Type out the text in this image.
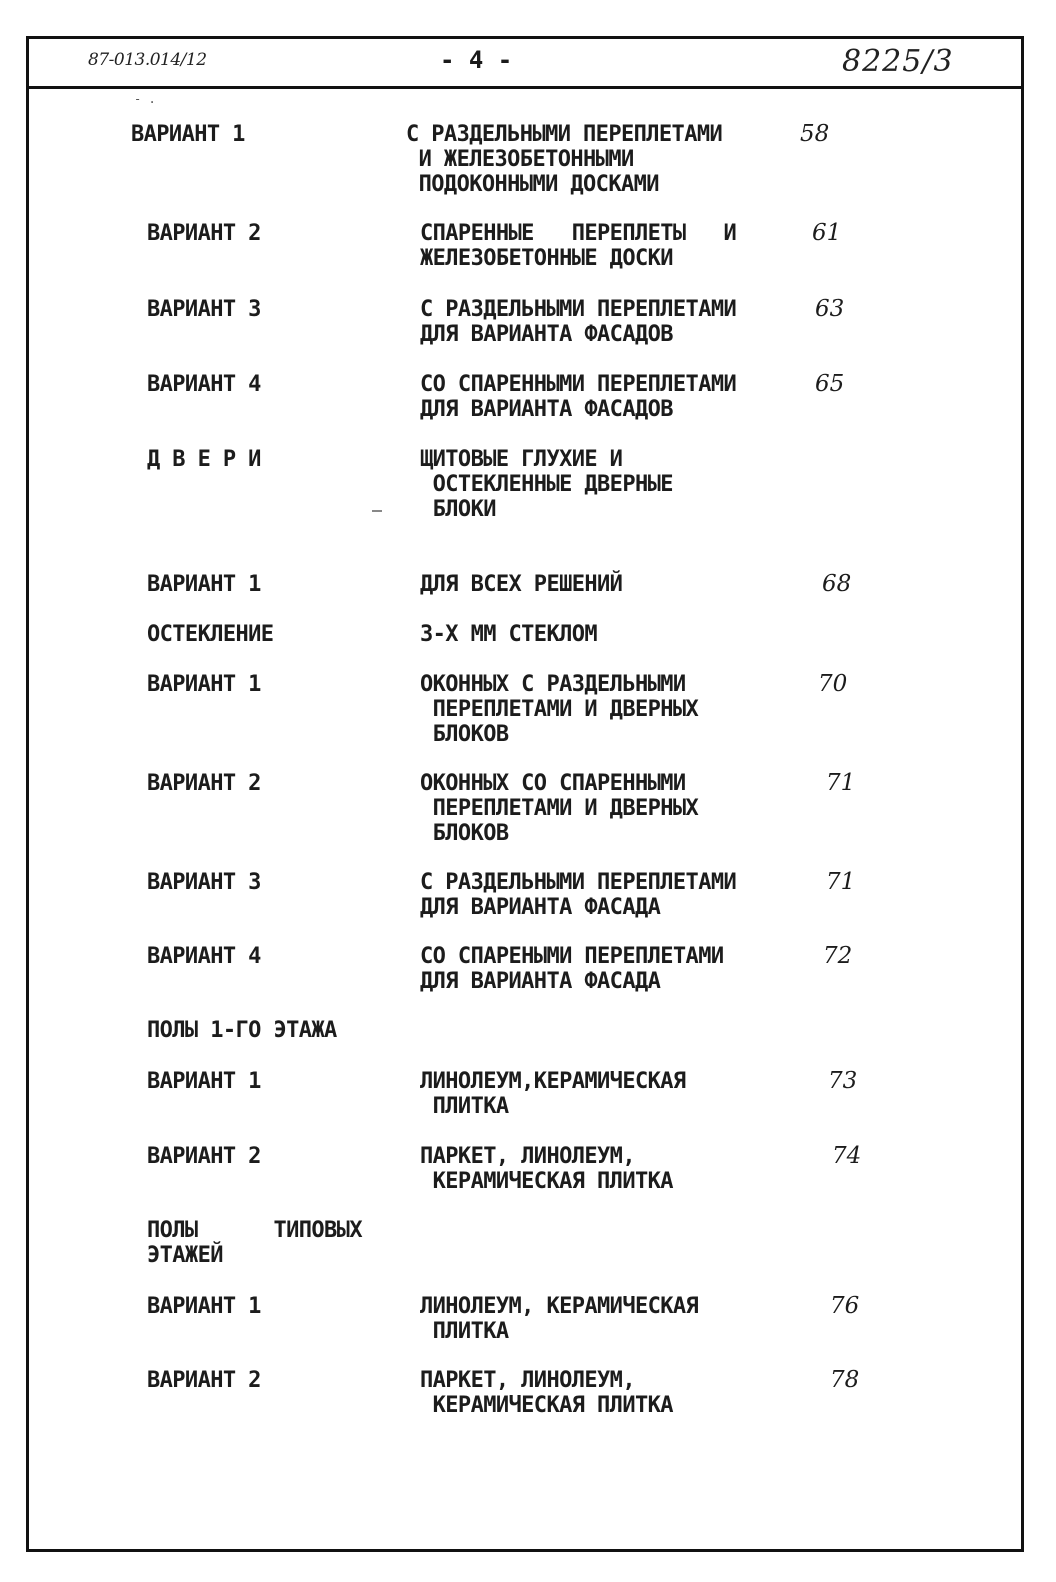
87-013.014/12	- 4 -	8225/3
- .
ВАРИАНТ 1	С РАЗДЕЛЬНЫМИ ПЕРЕПЛЕТАМИ
И ЖЕЛЕЗОБЕТОННЫМИ
ПОДОКОННЫМИ ДОСКАМИ
58
ВАРИАНТ 2	СПАРЕННЫЕ   ПЕРЕПЛЕТЫ   И
ЖЕЛЕЗОБЕТОННЫЕ ДОСКИ
61
ВАРИАНТ 3	С РАЗДЕЛЬНЫМИ ПЕРЕПЛЕТАМИ
ДЛЯ ВАРИАНТА ФАСАДОВ
63
ВАРИАНТ 4	СО СПАРЕННЫМИ ПЕРЕПЛЕТАМИ
ДЛЯ ВАРИАНТА ФАСАДОВ
65
Д В Е Р И	ЩИТОВЫЕ ГЛУХИЕ И
ОСТЕКЛЕННЫЕ ДВЕРНЫЕ
БЛОКИ
ВАРИАНТ 1	ДЛЯ ВСЕХ РЕШЕНИЙ	68
ОСТЕКЛЕНИЕ	3-Х ММ СТЕКЛОМ
ВАРИАНТ 1	ОКОННЫХ С РАЗДЕЛЬНЫМИ
ПЕРЕПЛЕТАМИ И ДВЕРНЫХ
БЛОКОВ
70
ВАРИАНТ 2	ОКОННЫХ СО СПАРЕННЫМИ
ПЕРЕПЛЕТАМИ И ДВЕРНЫХ
БЛОКОВ
71
ВАРИАНТ 3	С РАЗДЕЛЬНЫМИ ПЕРЕПЛЕТАМИ
ДЛЯ ВАРИАНТА ФАСАДА
71
ВАРИАНТ 4	СО СПАРЕНЫМИ ПЕРЕПЛЕТАМИ
ДЛЯ ВАРИАНТА ФАСАДА
72
ПОЛЫ 1-ГО ЭТАЖА
ВАРИАНТ 1	ЛИНОЛЕУМ,КЕРАМИЧЕСКАЯ
ПЛИТКА
73
ВАРИАНТ 2	ПАРКЕТ, ЛИНОЛЕУМ,
КЕРАМИЧЕСКАЯ ПЛИТКА
74
ПОЛЫ      ТИПОВЫХ
ЭТАЖЕЙ
ВАРИАНТ 1	ЛИНОЛЕУМ, КЕРАМИЧЕСКАЯ
ПЛИТКА
76
ВАРИАНТ 2	ПАРКЕТ, ЛИНОЛЕУМ,
КЕРАМИЧЕСКАЯ ПЛИТКА
78
